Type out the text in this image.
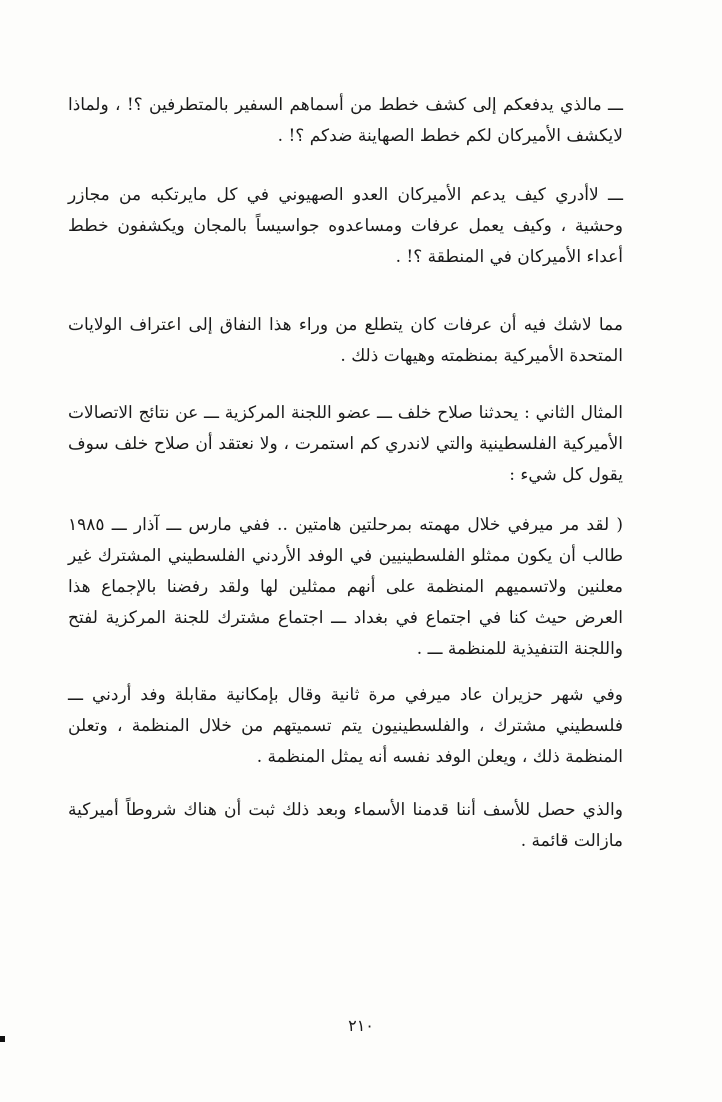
ـــ مالذي يدفعكم إلى كشف خطط من أسماهم السفير بالمتطرفين ؟! ، ولماذا لايكشف الأميركان لكم خطط الصهاينة ضدكم ؟! .

ـــ لاأدري كيف يدعم الأميركان العدو الصهيوني في كل مايرتكبه من مجازر وحشية ، وكيف يعمل عرفات ومساعدوه جواسيساً بالمجان ويكشفون خطط أعداء الأميركان في المنطقة ؟! .

مما لاشك فيه أن عرفات كان يتطلع من وراء هذا النفاق إلى اعتراف الولايات المتحدة الأميركية بمنظمته وهيهات ذلك .

المثال الثاني : يحدثنا صلاح خلف ـــ عضو اللجنة المركزية ـــ عن نتائج الاتصالات الأميركية الفلسطينية والتي لاندري كم استمرت ، ولا نعتقد أن صلاح خلف سوف يقول كل شيء :

( لقد مر ميرفي خلال مهمته بمرحلتين هامتين .. ففي مارس ـــ آذار ـــ ١٩٨٥ طالب أن يكون ممثلو الفلسطينيين في الوفد الأردني الفلسطيني المشترك غير معلنين ولاتسميهم المنظمة على أنهم ممثلين لها ولقد رفضنا بالإجماع هذا العرض حيث كنا في اجتماع في بغداد ـــ اجتماع مشترك للجنة المركزية لفتح واللجنة التنفيذية للمنظمة ـــ .

وفي شهر حزيران عاد ميرفي مرة ثانية وقال بإمكانية مقابلة وفد أردني ـــ فلسطيني مشترك ، والفلسطينيون يتم تسميتهم من خلال المنظمة ، وتعلن المنظمة ذلك ، ويعلن الوفد نفسه أنه يمثل المنظمة .

والذي حصل للأسف أننا قدمنا الأسماء وبعد ذلك ثبت أن هناك شروطاً أميركية مازالت قائمة .

٢١٠
